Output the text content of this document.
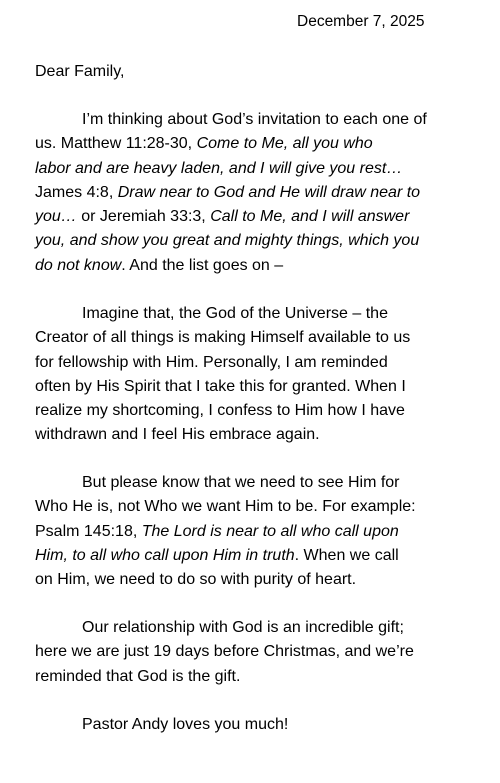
December 7, 2025
Dear Family,
I’m thinking about God’s invitation to each one of
us. Matthew 11:28-30, Come to Me, all you who
labor and are heavy laden, and I will give you rest…
James 4:8, Draw near to God and He will draw near to
you… or Jeremiah 33:3, Call to Me, and I will answer
you, and show you great and mighty things, which you
do not know. And the list goes on –
Imagine that, the God of the Universe – the
Creator of all things is making Himself available to us
for fellowship with Him. Personally, I am reminded
often by His Spirit that I take this for granted. When I
realize my shortcoming, I confess to Him how I have
withdrawn and I feel His embrace again.
But please know that we need to see Him for
Who He is, not Who we want Him to be. For example:
Psalm 145:18, The Lord is near to all who call upon
Him, to all who call upon Him in truth. When we call
on Him, we need to do so with purity of heart.
Our relationship with God is an incredible gift;
here we are just 19 days before Christmas, and we’re
reminded that God is the gift.
Pastor Andy loves you much!
